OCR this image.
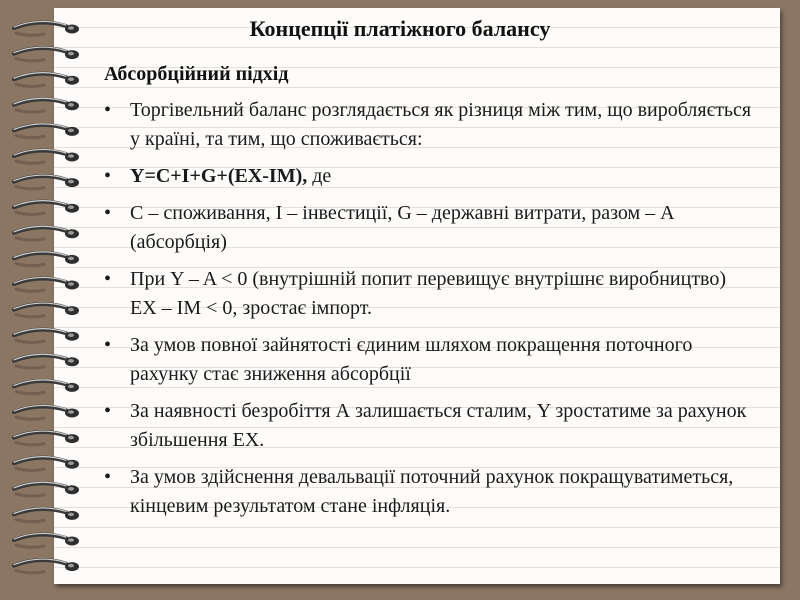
Концепції платіжного балансу
Абсорбційний підхід
• Торгівельний баланс розглядається як різниця між тим, що виробляється у країні, та тим, що споживається:
• Y=C+I+G+(EX-IM), де
• С – споживання, І – інвестиції, G – державні витрати, разом – А (абсорбція)
• При Y – A < 0 (внутрішній попит перевищує внутрішнє виробництво) EX – IM < 0, зростає імпорт.
• За умов повної зайнятості єдиним шляхом покращення поточного рахунку стає зниження абсорбції
• За наявності безробіття А залишається сталим, Y зростатиме за рахунок збільшення ЕХ.
• За умов здійснення девальвації поточний рахунок покращуватиметься, кінцевим результатом стане інфляція.
